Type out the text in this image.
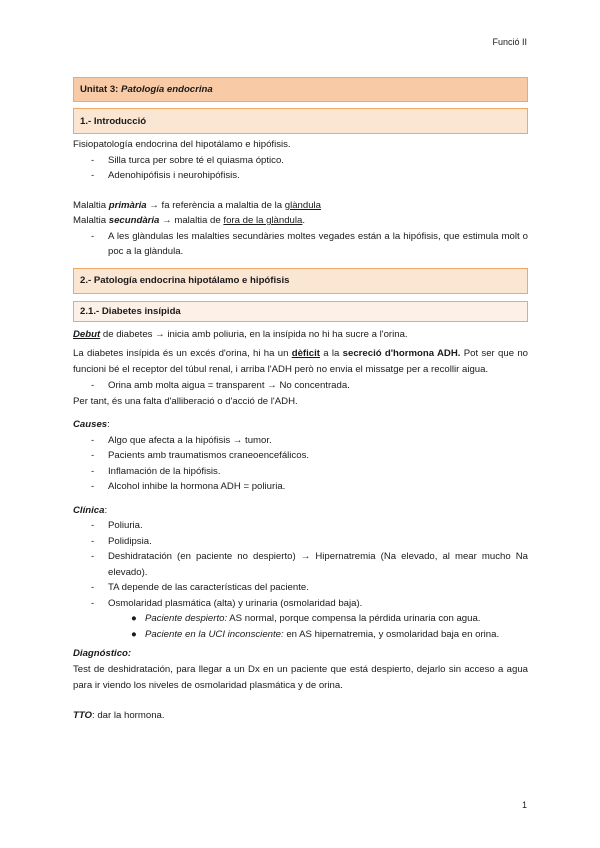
Funció II
Unitat 3:
Patología endocrina
1.- Introducció
Fisiopatología endocrina del hipotálamo e hipófisis.
- Silla turca per sobre té el quiasma óptico.
- Adenohipófisis i neurohipófisis.
Malaltia primària → fa referència a malaltia de la glàndula
Malaltia secundària → malaltia de fora de la glàndula.
- A les glàndulas les malalties secundàries moltes vegades están a la hipófisis, que estimula molt o poc a la glàndula.
2.- Patología endocrina hipotálamo e hipófisis
2.1.- Diabetes insípida
Debut de diabetes → inicia amb poliuria, en la insípida no hi ha sucre a l'orina.
La diabetes insípida és un excés d'orina, hi ha un dèficit a la secreció d'hormona ADH. Pot ser que no funcioni bé el receptor del túbul renal, i arriba l'ADH però no envia el missatge per a recollir aigua.
- Orina amb molta aigua = transparent → No concentrada.
Per tant, és una falta d'alliberació o d'acció de l'ADH.
Causes:
- Algo que afecta a la hipófisis → tumor.
- Pacients amb traumatismos craneoencefálicos.
- Inflamación de la hipófisis.
- Alcohol inhibe la hormona ADH = poliuria.
Clínica:
- Poliuria.
- Polidipsia.
- Deshidratación (en paciente no despierto) → Hipernatremia (Na elevado, al mear mucho Na elevado).
- TA depende de las características del paciente.
- Osmolaridad plasmática (alta) y urinaria (osmolaridad baja).
● Paciente despierto: AS normal, porque compensa la pérdida urinaria con agua.
● Paciente en la UCI inconsciente: en AS hipernatremia, y osmolaridad baja en orina.
Diagnóstico:
Test de deshidratación, para llegar a un Dx en un paciente que está despierto, dejarlo sin acceso a agua para ir viendo los niveles de osmolaridad plasmática y de orina.
TTO: dar la hormona.
1
